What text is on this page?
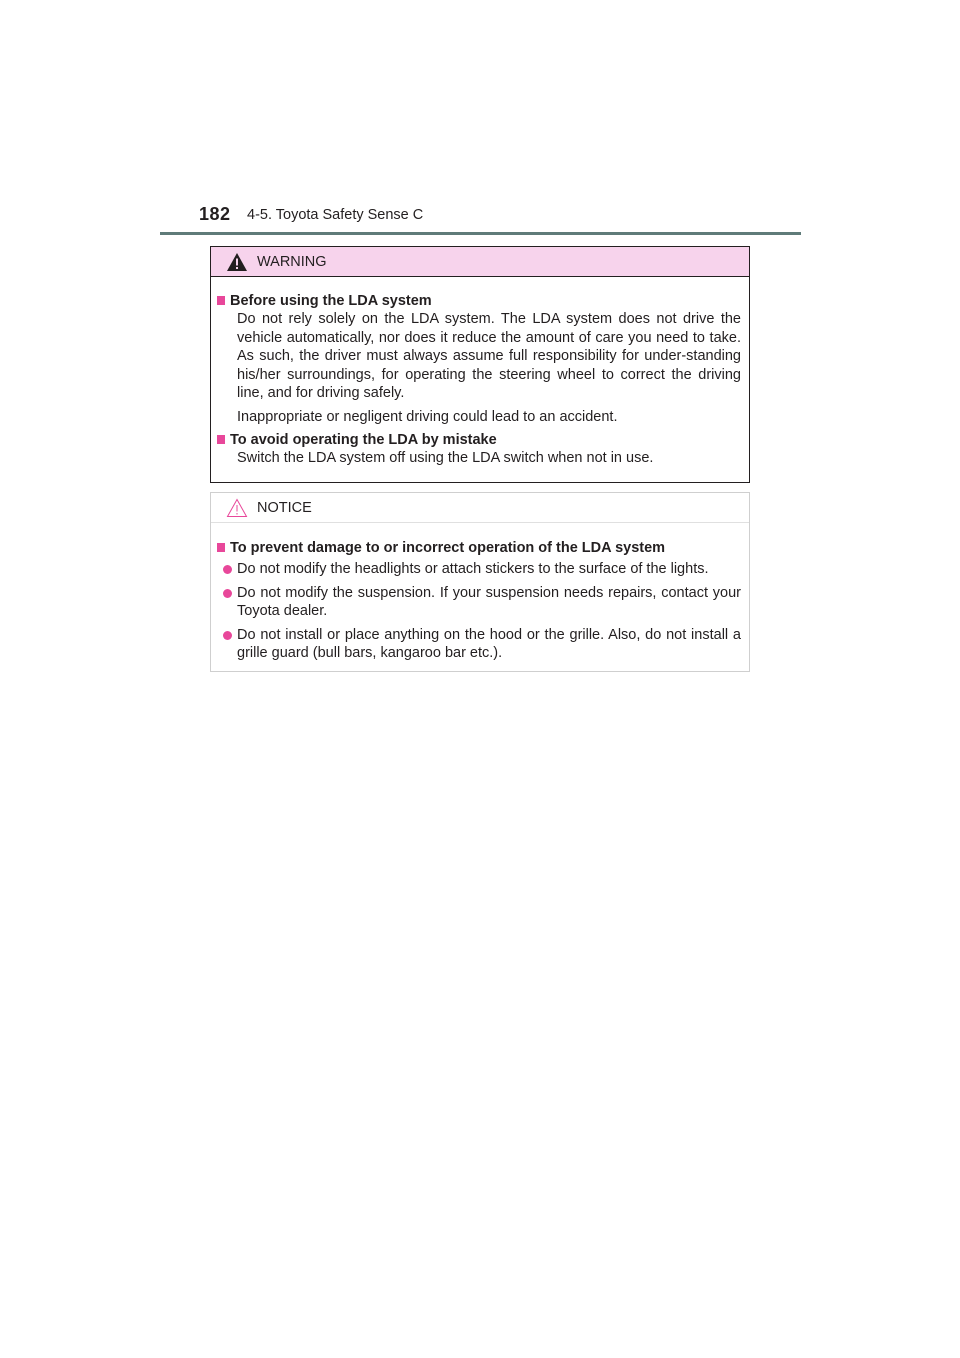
182 4-5. Toyota Safety Sense C
WARNING
Before using the LDA system
Do not rely solely on the LDA system. The LDA system does not drive the vehicle automatically, nor does it reduce the amount of care you need to take. As such, the driver must always assume full responsibility for under-standing his/her surroundings, for operating the steering wheel to correct the driving line, and for driving safely.
Inappropriate or negligent driving could lead to an accident.
To avoid operating the LDA by mistake
Switch the LDA system off using the LDA switch when not in use.
NOTICE
To prevent damage to or incorrect operation of the LDA system
Do not modify the headlights or attach stickers to the surface of the lights.
Do not modify the suspension. If your suspension needs repairs, contact your Toyota dealer.
Do not install or place anything on the hood or the grille. Also, do not install a grille guard (bull bars, kangaroo bar etc.).
